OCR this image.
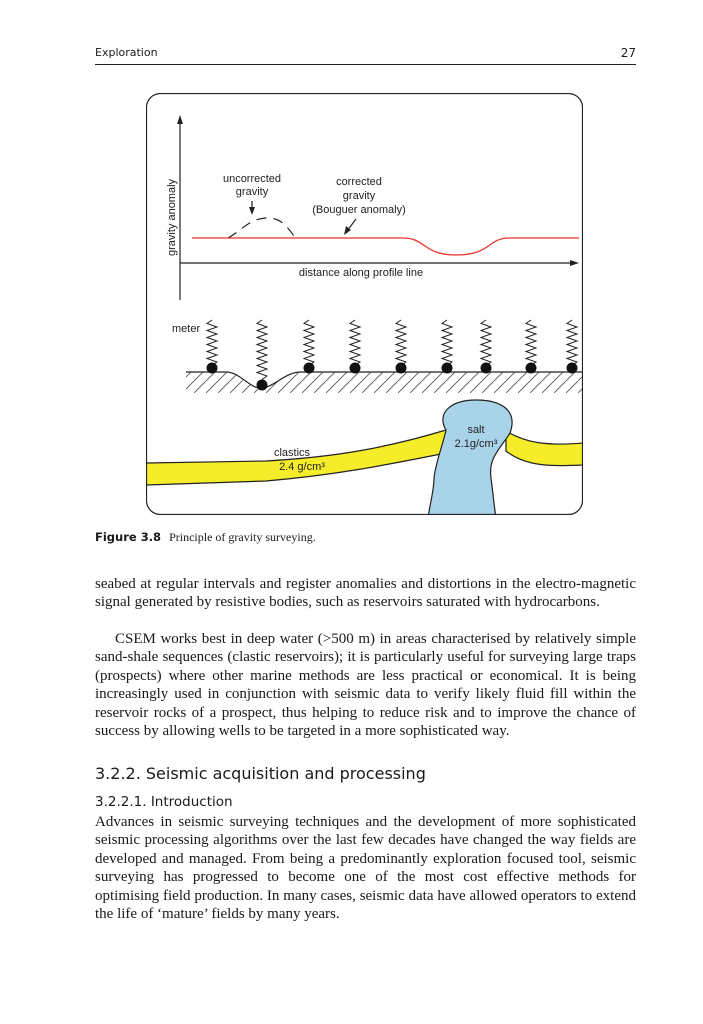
Exploration	27
gravity anomaly	uncorrected
gravity
corrected
gravity
(Bouguer anomaly)
distance along profile line
meter
salt
2.1g/cm³
clastics
2.4 g/cm³
Figure 3.8 Principle of gravity surveying.

seabed at regular intervals and register anomalies and distortions in the electro-magnetic signal generated by resistive bodies, such as reservoirs saturated with hydrocarbons.

CSEM works best in deep water (>500 m) in areas characterised by relatively simple sand-shale sequences (clastic reservoirs); it is particularly useful for surveying large traps (prospects) where other marine methods are less practical or economical. It is being increasingly used in conjunction with seismic data to verify likely fluid fill within the reservoir rocks of a prospect, thus helping to reduce risk and to improve the chance of success by allowing wells to be targeted in a more sophisticated way.

3.2.2. Seismic acquisition and processing
3.2.2.1. Introduction

Advances in seismic surveying techniques and the development of more sophisticated seismic processing algorithms over the last few decades have changed the way fields are developed and managed. From being a predominantly exploration focused tool, seismic surveying has progressed to become one of the most cost effective methods for optimising field production. In many cases, seismic data have allowed operators to extend the life of ‘mature’ fields by many years.
